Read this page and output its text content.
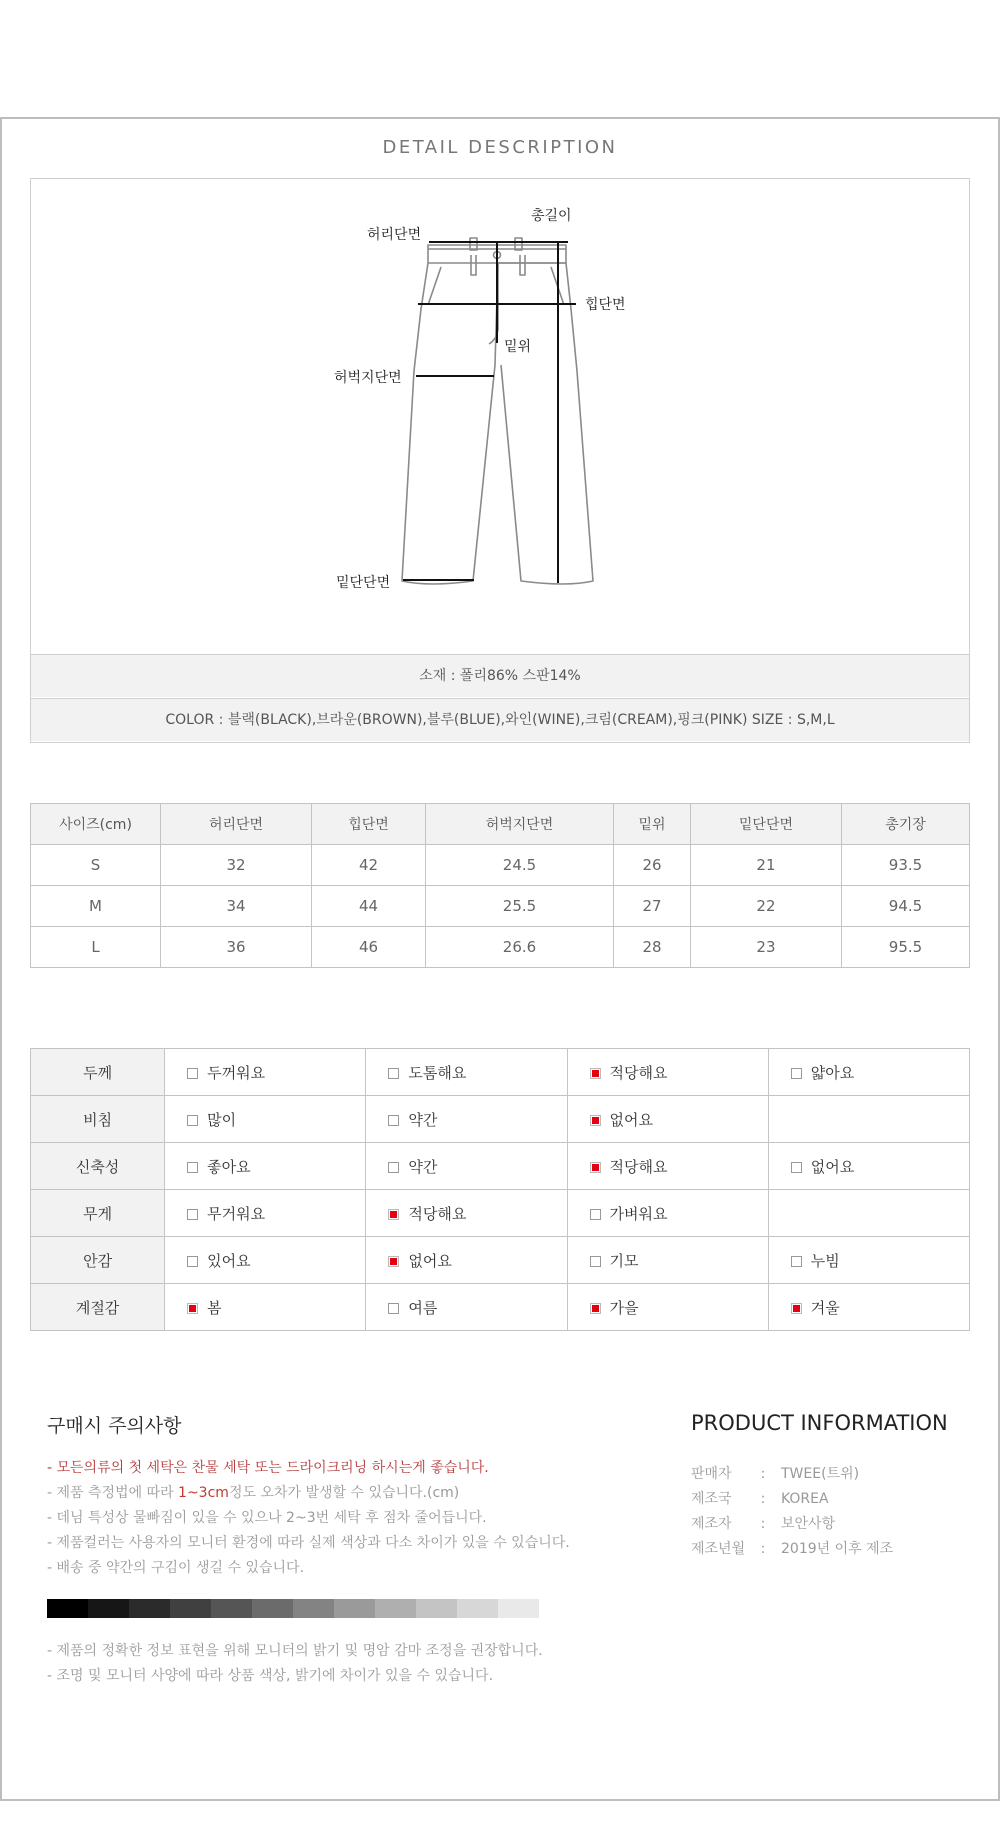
DETAIL DESCRIPTION
총길이
허리단면
힙단면
밑위
허벅지단면
밑단단면
소재 : 폴리86% 스판14%
COLOR : 블랙(BLACK),브라운(BROWN),블루(BLUE),와인(WINE),크림(CREAM),핑크(PINK) SIZE : S,M,L
사이즈(cm)	허리단면	힙단면	허벅지단면	밑위	밑단단면	총기장
S	32	42	24.5	26	21	93.5
M	34	44	25.5	27	22	94.5
L	36	46	26.6	28	23	95.5
두께	두꺼워요	도톰해요	적당해요	얇아요
비침	많이	약간	없어요	
신축성	좋아요	약간	적당해요	없어요
무게	무거워요	적당해요	가벼워요	
안감	있어요	없어요	기모	누빔
계절감	봄	여름	가을	겨울
구매시 주의사항
- 모든의류의 첫 세탁은 찬물 세탁 또는 드라이크리닝 하시는게 좋습니다.
- 제품 측정법에 따라 1~3cm정도 오차가 발생할 수 있습니다.(cm)
- 데님 특성상 물빠짐이 있을 수 있으나 2~3번 세탁 후 점차 줄어듭니다.
- 제품컬러는 사용자의 모니터 환경에 따라 실제 색상과 다소 차이가 있을 수 있습니다.
- 배송 중 약간의 구김이 생길 수 있습니다.
- 제품의 정확한 정보 표현을 위해 모니터의 밝기 및 명암 감마 조정을 권장합니다.
- 조명 및 모니터 사양에 따라 상품 색상, 밝기에 차이가 있을 수 있습니다.
PRODUCT INFORMATION
판매자 : TWEE(트위)
제조국 : KOREA
제조자 : 보안사항
제조년월 : 2019년 이후 제조
